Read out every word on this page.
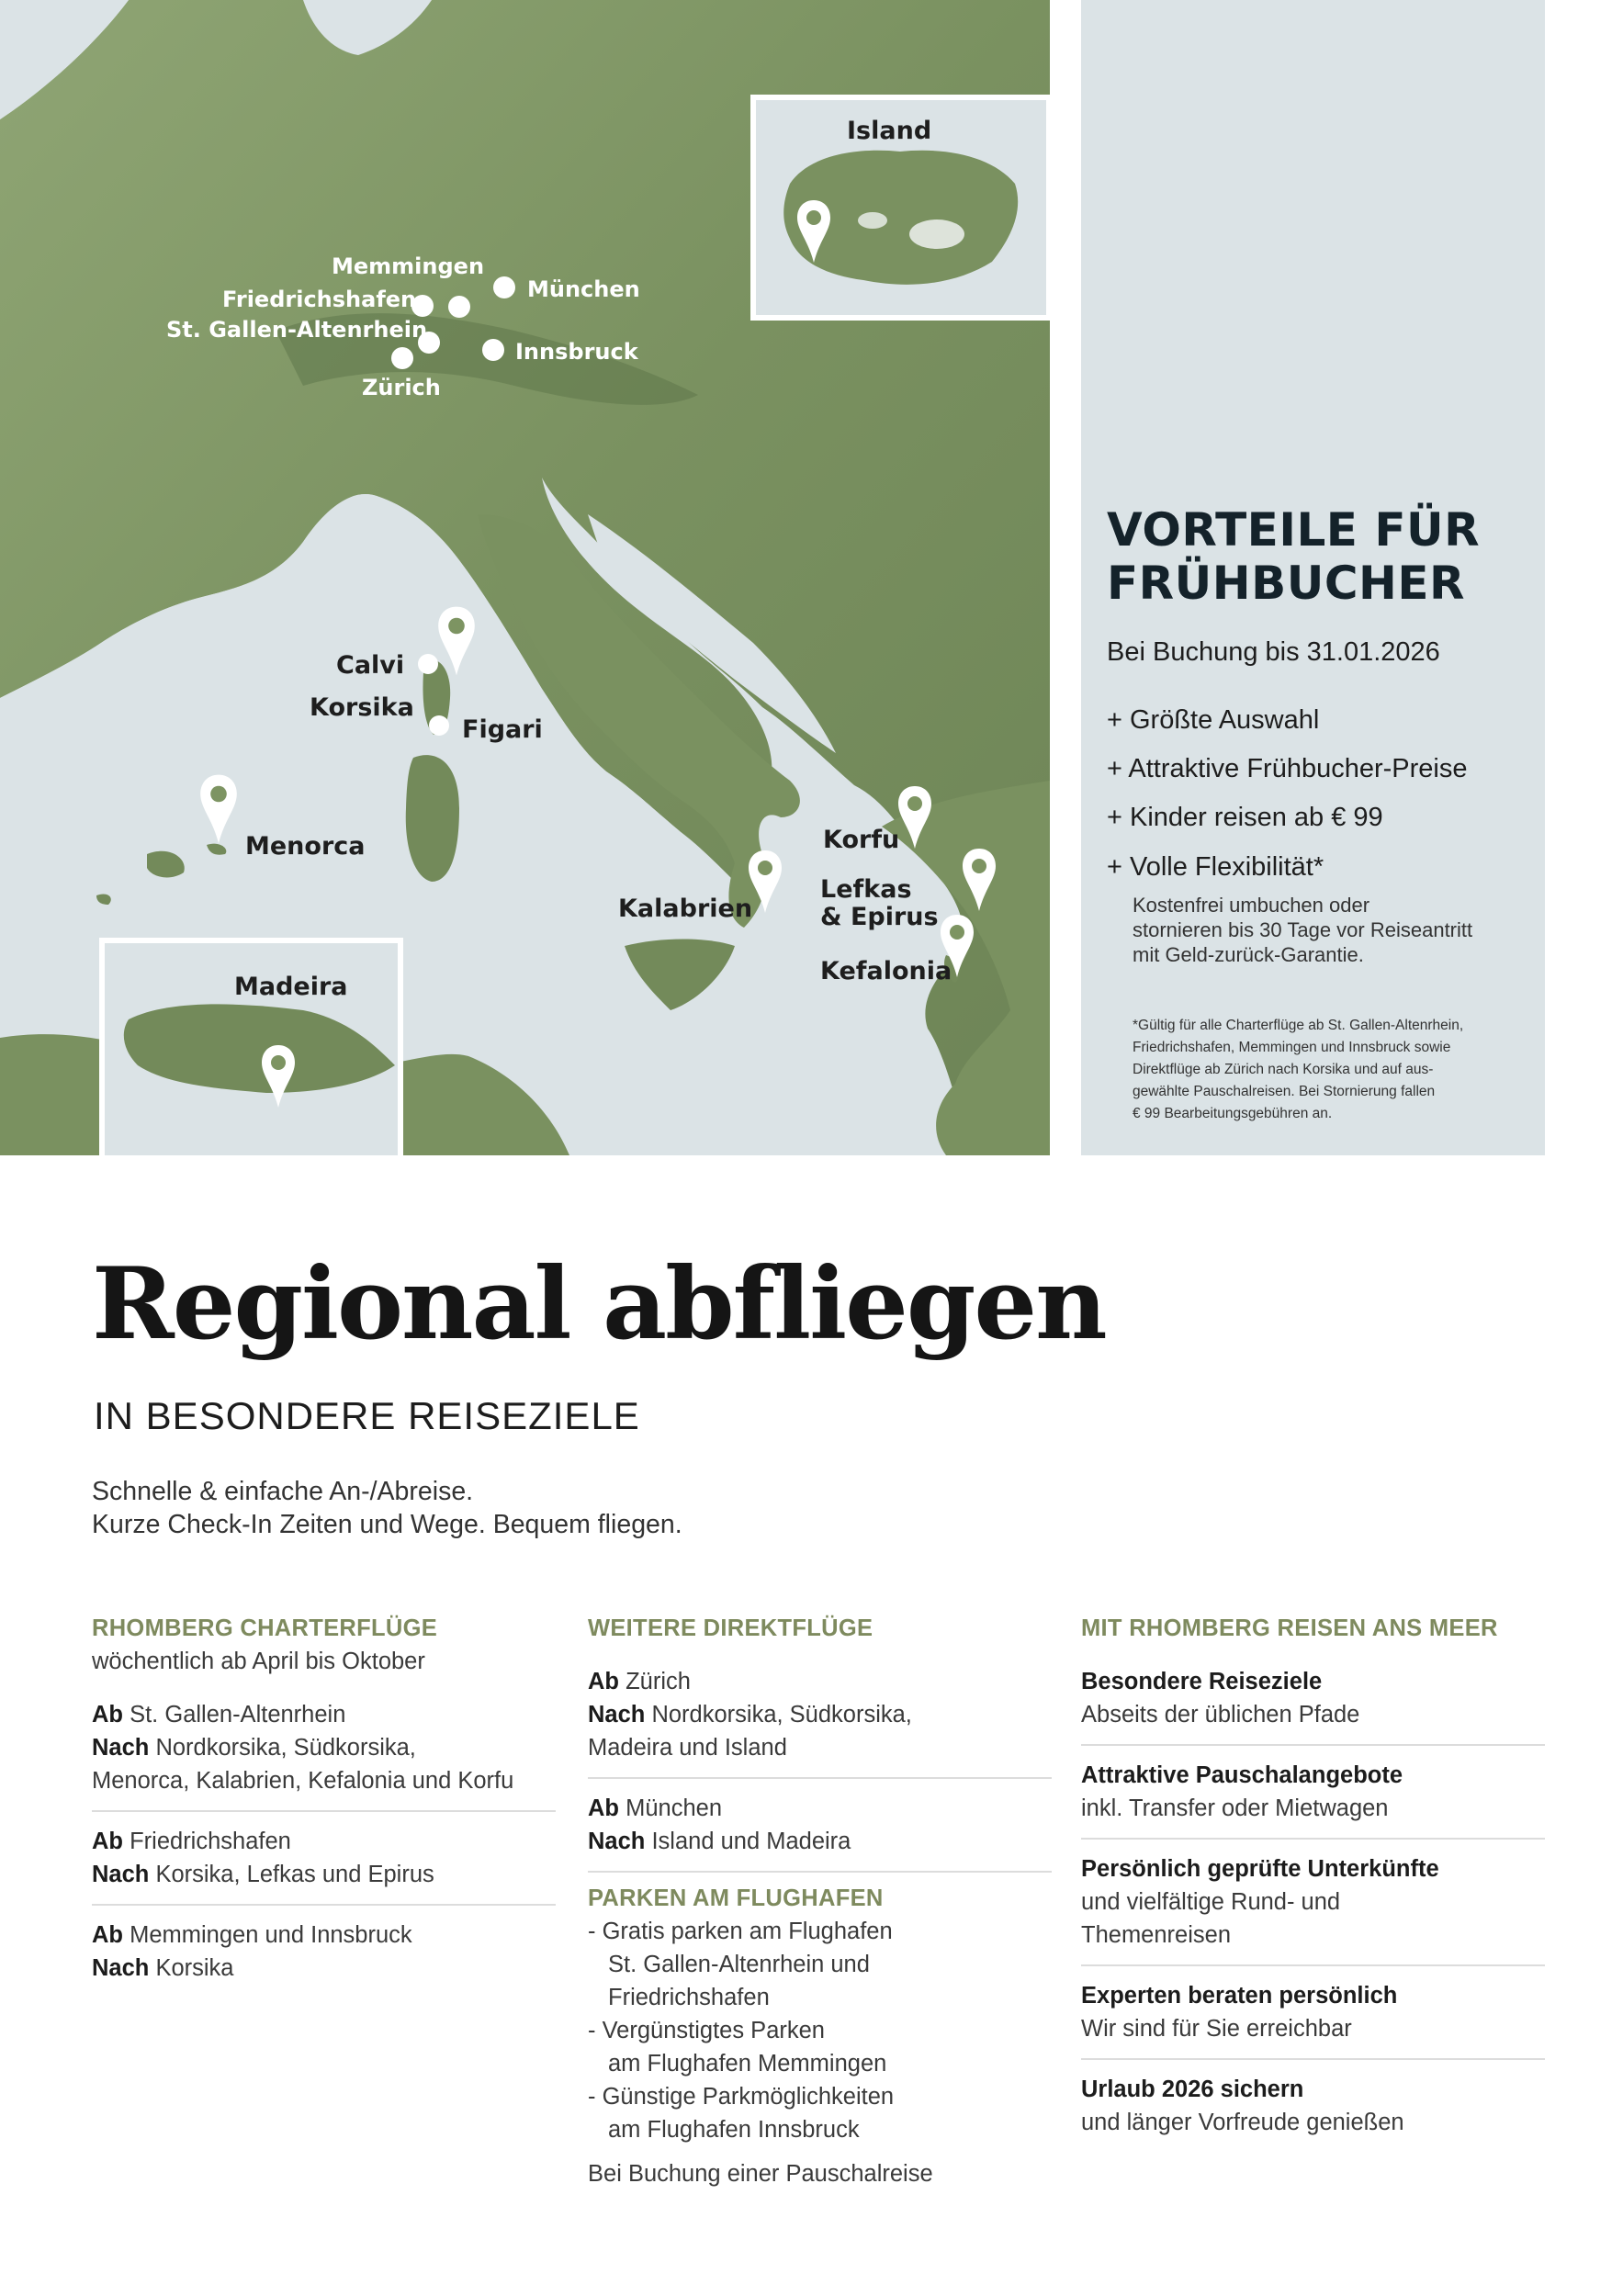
Island
Madeira
Memmingen
Friedrichshafen
St. Gallen-Altenrhein
Zürich
München
Innsbruck
Calvi
Korsika
Figari
Menorca
Kalabrien
Korfu
Lefkas
& Epirus
Kefalonia
VORTEILE FÜR
FRÜHBUCHER
Bei Buchung bis 31.01.2026
+ Größte Auswahl
+ Attraktive Frühbucher-Preise
+ Kinder reisen ab € 99
+ Volle Flexibilität*
Kostenfrei umbuchen oder
stornieren bis 30 Tage vor Reiseantritt
mit Geld-zurück-Garantie.
*Gültig für alle Charterflüge ab St. Gallen-Altenrhein,
Friedrichshafen, Memmingen und Innsbruck sowie
Direktflüge ab Zürich nach Korsika und auf aus-
gewählte Pauschalreisen. Bei Stornierung fallen
€ 99 Bearbeitungsgebühren an.
Regional abfliegen
IN BESONDERE REISEZIELE
Schnelle & einfache An-/Abreise.
Kurze Check-In Zeiten und Wege. Bequem fliegen.
RHOMBERG CHARTERFLÜGE
wöchentlich ab April bis Oktober
Ab St. Gallen-Altenrhein
Nach Nordkorsika, Südkorsika,
Menorca, Kalabrien, Kefalonia und Korfu
Ab Friedrichshafen
Nach Korsika, Lefkas und Epirus
Ab Memmingen und Innsbruck
Nach Korsika
WEITERE DIREKTFLÜGE
Ab Zürich
Nach Nordkorsika, Südkorsika,
Madeira und Island
Ab München
Nach Island und Madeira
PARKEN AM FLUGHAFEN
- Gratis parken am Flughafen
St. Gallen-Altenrhein und
Friedrichshafen
- Vergünstigtes Parken
am Flughafen Memmingen
- Günstige Parkmöglichkeiten
am Flughafen Innsbruck
Bei Buchung einer Pauschalreise
MIT RHOMBERG REISEN ANS MEER
Besondere Reiseziele
Abseits der üblichen Pfade
Attraktive Pauschalangebote
inkl. Transfer oder Mietwagen
Persönlich geprüfte Unterkünfte
und vielfältige Rund- und
Themenreisen
Experten beraten persönlich
Wir sind für Sie erreichbar
Urlaub 2026 sichern
und länger Vorfreude genießen
